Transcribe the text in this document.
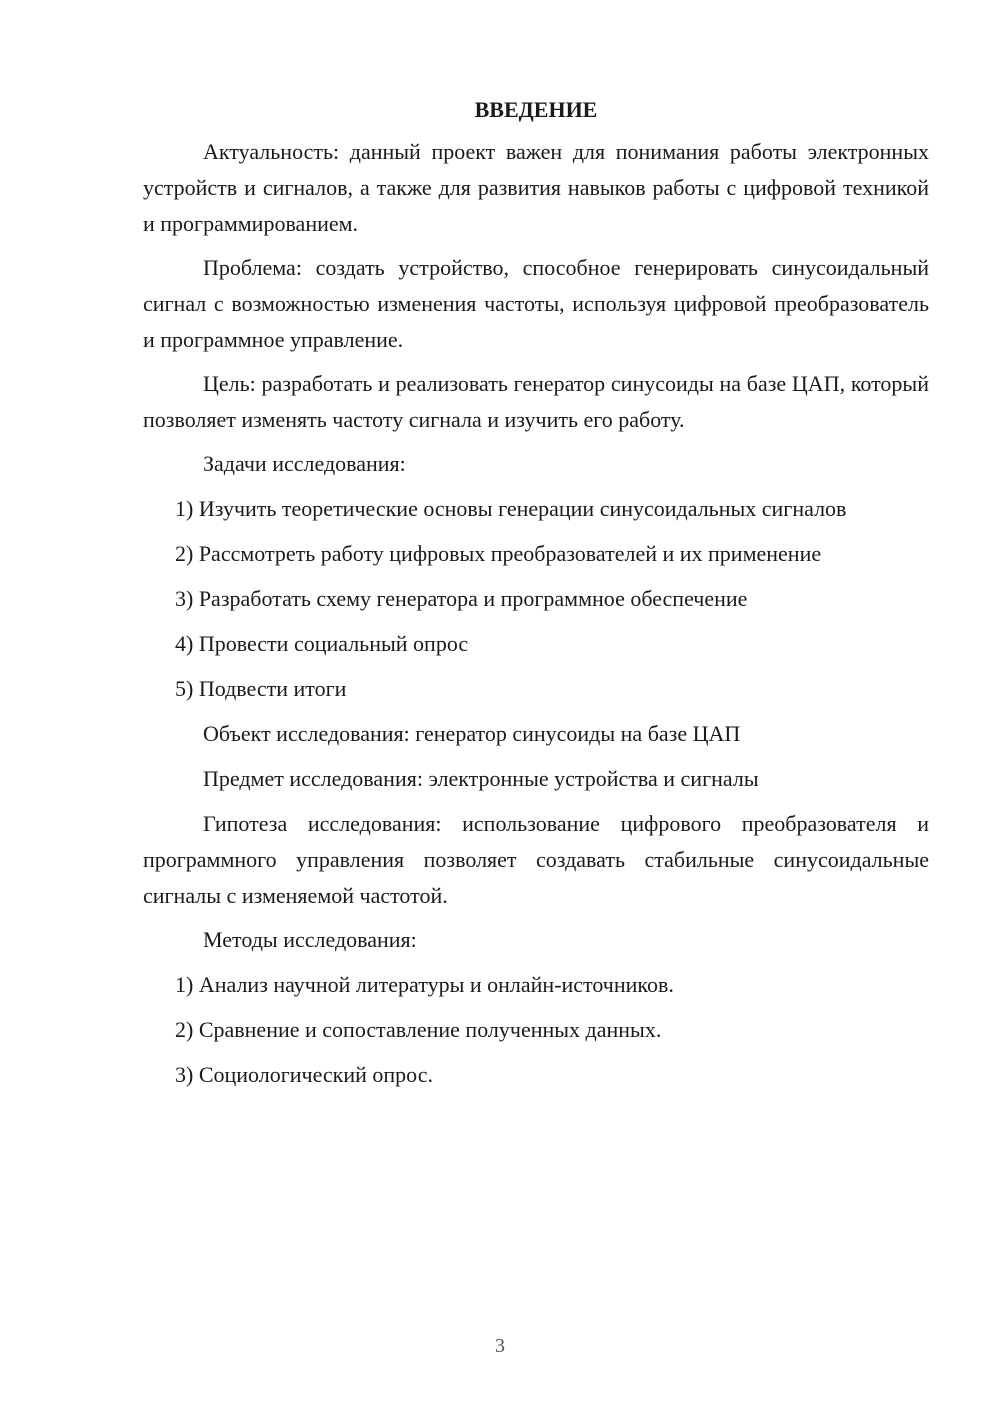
ВВЕДЕНИЕ

Актуальность: данный проект важен для понимания работы электронных устройств и сигналов, а также для развития навыков работы с цифровой техникой и программированием.

Проблема: создать устройство, способное генерировать синусоидальный сигнал с возможностью изменения частоты, используя цифровой преобразователь и программное управление.

Цель: разработать и реализовать генератор синусоиды на базе ЦАП, который позволяет изменять частоту сигнала и изучить его работу.

Задачи исследования:
1) Изучить теоретические основы генерации синусоидальных сигналов
2) Рассмотреть работу цифровых преобразователей и их применение
3) Разработать схему генератора и программное обеспечение
4) Провести социальный опрос
5) Подвести итоги
Объект исследования: генератор синусоиды на базе ЦАП
Предмет исследования: электронные устройства и сигналы

Гипотеза исследования: использование цифрового преобразователя и программного управления позволяет создавать стабильные синусоидальные сигналы с изменяемой частотой.

Методы исследования:
1) Анализ научной литературы и онлайн-источников.
2) Сравнение и сопоставление полученных данных.
3) Социологический опрос.
3
